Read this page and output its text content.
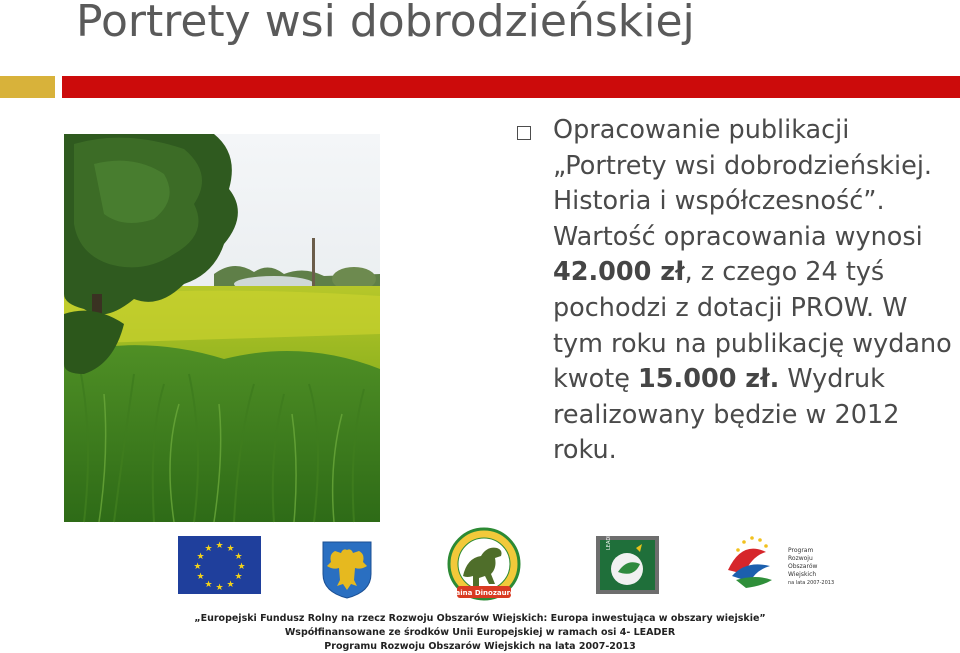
Portrety wsi dobrodzieńskiej
Opracowanie publikacji „Portrety wsi dobrodzieńskiej. Historia i współczesność”. Wartość opracowania wynosi 42.000 zł, z czego 24 tyś pochodzi z dotacji PROW. W tym roku na publikację wydano kwotę 15.000 zł. Wydruk realizowany będzie w 2012 roku.
★ ★
★
★
★
★
★
★
★
★
★
★
Kraina Dinozaurów
LEADER
Program
Rozwoju
Obszarów
Wiejskich
na lata 2007-2013
„Europejski Fundusz Rolny na rzecz Rozwoju Obszarów Wiejskich: Europa inwestująca w obszary wiejskie”
Współfinansowane ze środków Unii Europejskiej w ramach osi 4- LEADER
Programu Rozwoju Obszarów Wiejskich na lata 2007-2013
